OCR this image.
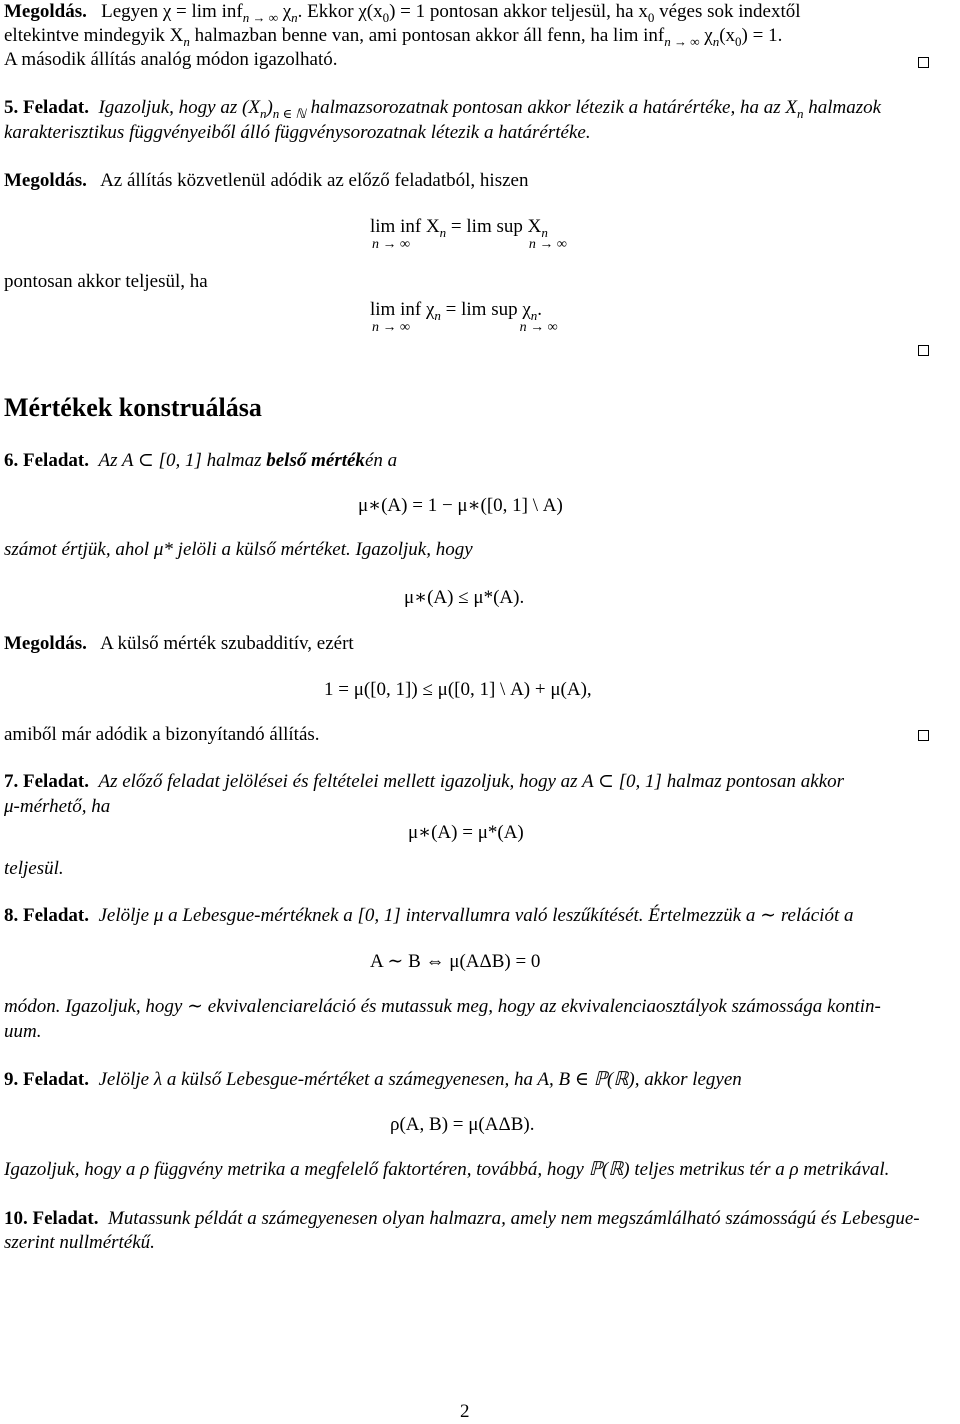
Megoldás. Legyen χ = lim inf$_{n \to \infty}$ $\chi_n$. Ekkor $\chi(x_0) = 1$ pontosan akkor teljesül, ha $x_0$ véges sok indextől
eltekintve mindegyik $X_n$ halmazban benne van, ami pontosan akkor áll fenn, ha lim inf$_{n \to \infty}$ $\chi_n(x_0) = 1$.
A második állítás analóg módon igazolható.
5. Feladat. Igazoljuk, hogy az $(X_n)_{n \in ℕ}$ halmazsorozatnak pontosan akkor létezik a határértéke, ha az $X_n$ halmazok
karakterisztikus függvényeiből álló függvénysorozatnak létezik a határértéke.
Megoldás. Az állítás közvetlenül adódik az előző feladatból, hiszen
lim inf X
n → ∞
$_n$ = lim sup X
n → ∞
$_n$
pontosan akkor teljesül, ha
lim inf χ
n → ∞
$_n$ = lim sup χ
n → ∞
$_n$.
Mértékek konstruálása
6. Feladat. Az A ⊂ [0, 1] halmaz belső mértékén a
μ∗(A) = 1 − μ∗([0, 1] \ A)
számot értjük, ahol μ* jelöli a külső mértéket. Igazoljuk, hogy
μ∗(A) ≤ μ*(A).
Megoldás. A külső mérték szubadditív, ezért
1 = μ([0, 1]) ≤ μ([0, 1] \ A) + μ(A),
amiből már adódik a bizonyítandó állítás.
7. Feladat. Az előző feladat jelölései és feltételei mellett igazoljuk, hogy az A ⊂ [0, 1] halmaz pontosan akkor
μ-mérhető, ha
μ∗(A) = μ*(A)
teljesül.
8. Feladat. Jelölje μ a Lebesgue-mértéknek a [0, 1] intervallumra való leszűkítését. Értelmezzük a ∼ relációt a
A ∼ B ⇔ μ(AΔB) = 0
módon. Igazoljuk, hogy ∼ ekvivalenciareláció és mutassuk meg, hogy az ekvivalenciaosztályok számossága kontin-
uum.
9. Feladat. Jelölje λ a külső Lebesgue-mértéket a számegyenesen, ha A, B ∈ ℙ(ℝ), akkor legyen
ρ(A, B) = μ(AΔB).
Igazoljuk, hogy a ρ függvény metrika a megfelelő faktortéren, továbbá, hogy ℙ(ℝ) teljes metrikus tér a ρ metrikával.
10. Feladat. Mutassunk példát a számegyenesen olyan halmazra, amely nem megszámlálható számosságú és Lebesgue-
szerint nullmértékű.
2
